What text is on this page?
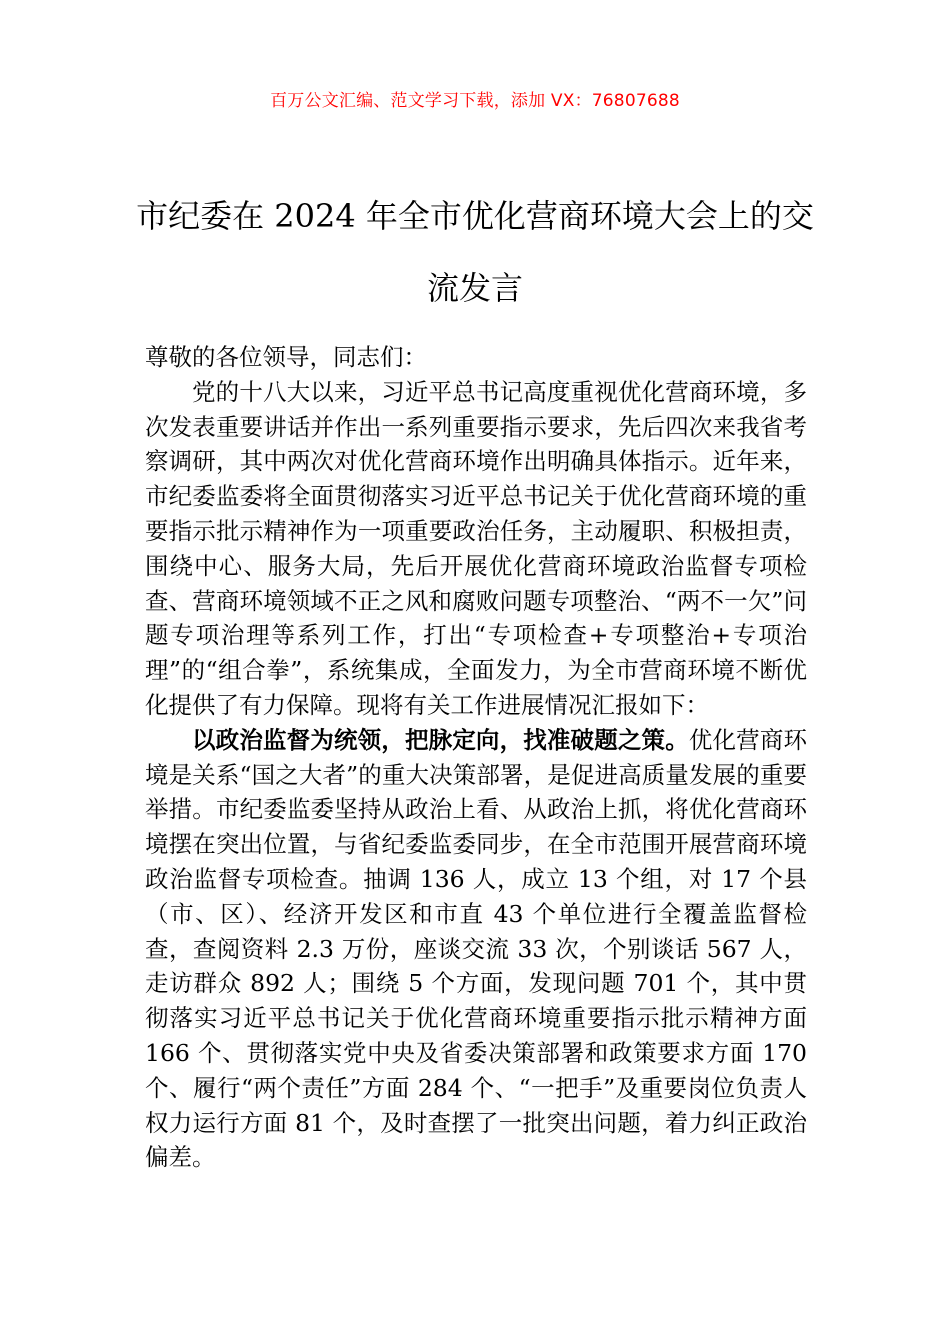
百万公文汇编、范文学习下载，添加 VX：76807688
市纪委在 2024 年全市优化营商环境大会上的交流发言

尊敬的各位领导，同志们：

党的十八大以来，习近平总书记高度重视优化营商环境，多次发表重要讲话并作出一系列重要指示要求，先后四次来我省考察调研，其中两次对优化营商环境作出明确具体指示。近年来，市纪委监委将全面贯彻落实习近平总书记关于优化营商环境的重要指示批示精神作为一项重要政治任务，主动履职、积极担责，围绕中心、服务大局，先后开展优化营商环境政治监督专项检查、营商环境领域不正之风和腐败问题专项整治、“两不一欠”问题专项治理等系列工作，打出“专项检查+专项整治+专项治理”的“组合拳”，系统集成，全面发力，为全市营商环境不断优化提供了有力保障。现将有关工作进展情况汇报如下：

以政治监督为统领，把脉定向，找准破题之策。优化营商环境是关系“国之大者”的重大决策部署，是促进高质量发展的重要举措。市纪委监委坚持从政治上看、从政治上抓，将优化营商环境摆在突出位置，与省纪委监委同步，在全市范围开展营商环境政治监督专项检查。抽调 136 人，成立 13 个组，对 17 个县（市、区）、经济开发区和市直 43 个单位进行全覆盖监督检查，查阅资料 2.3 万份，座谈交流 33 次，个别谈话 567 人，走访群众 892 人；围绕 5 个方面，发现问题 701 个，其中贯彻落实习近平总书记关于优化营商环境重要指示批示精神方面 166 个、贯彻落实党中央及省委决策部署和政策要求方面 170 个、履行“两个责任”方面 284 个、“一把手”及重要岗位负责人权力运行方面 81 个，及时查摆了一批突出问题，着力纠正政治偏差。
